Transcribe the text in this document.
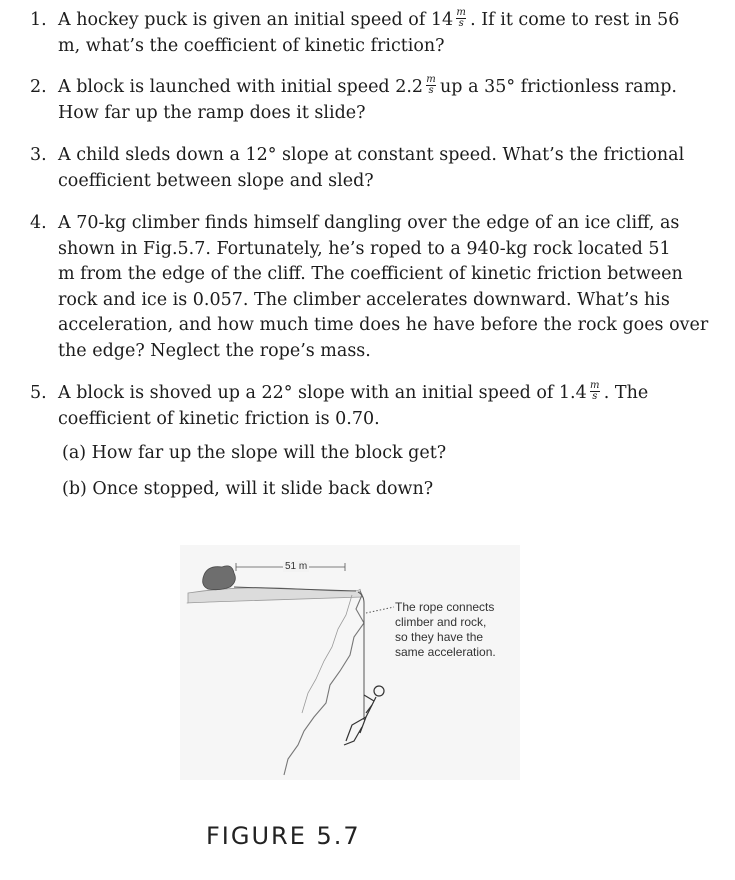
1. A hockey puck is given an initial speed of $14 \frac{m}{s}$ . If it come to rest in 56
m, what’s the coefficient of kinetic friction?
2. A block is launched with initial speed $2.2 \frac{m}{s}$ up a 35° frictionless ramp.
How far up the ramp does it slide?
3. A child sleds down a 12° slope at constant speed. What’s the frictional
coefficient between slope and sled?
4. A 70-kg climber finds himself dangling over the edge of an ice cliff, as
shown in Fig.5.7. Fortunately, he’s roped to a 940-kg rock located 51
m from the edge of the cliff. The coefficient of kinetic friction between
rock and ice is 0.057. The climber accelerates downward. What’s his
acceleration, and how much time does he have before the rock goes over
the edge? Neglect the rope’s mass.
5. A block is shoved up a 22° slope with an initial speed of $1.4 \frac{m}{s}$ . The
coefficient of kinetic friction is 0.70.
(a) How far up the slope will the block get?
(b) Once stopped, will it slide back down?
51 m
The rope connects
climber and rock,
so they have the
same acceleration.
FIGURE 5.7
